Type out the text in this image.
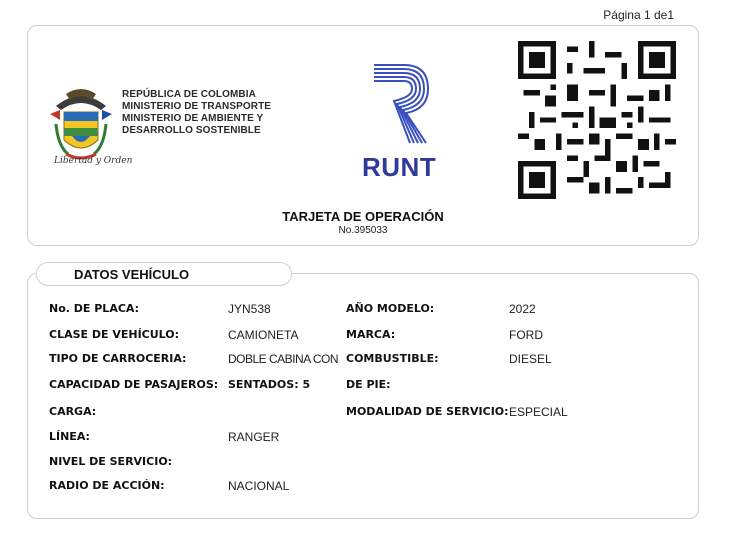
Página 1 de1
Libertad y Orden
REPÚBLICA DE COLOMBIA
MINISTERIO DE TRANSPORTE
MINISTERIO DE AMBIENTE Y
DESARROLLO SOSTENIBLE
RUNT
TARJETA DE OPERACIÓN
No.395033
DATOS VEHÍCULO
No. DE PLACA:	JYN538
CLASE DE VEHÍCULO:	CAMIONETA
TIPO DE CARROCERIA:	DOBLE CABINA CON
CAPACIDAD DE PASAJEROS: SENTADOS: 5
CARGA:
LÍNEA:	RANGER
NIVEL DE SERVICIO:
RADIO DE ACCIÓN:	NACIONAL
AÑO MODELO:	2022
MARCA:	FORD
COMBUSTIBLE:	DIESEL
DE PIE:
MODALIDAD DE SERVICIO: ESPECIAL
